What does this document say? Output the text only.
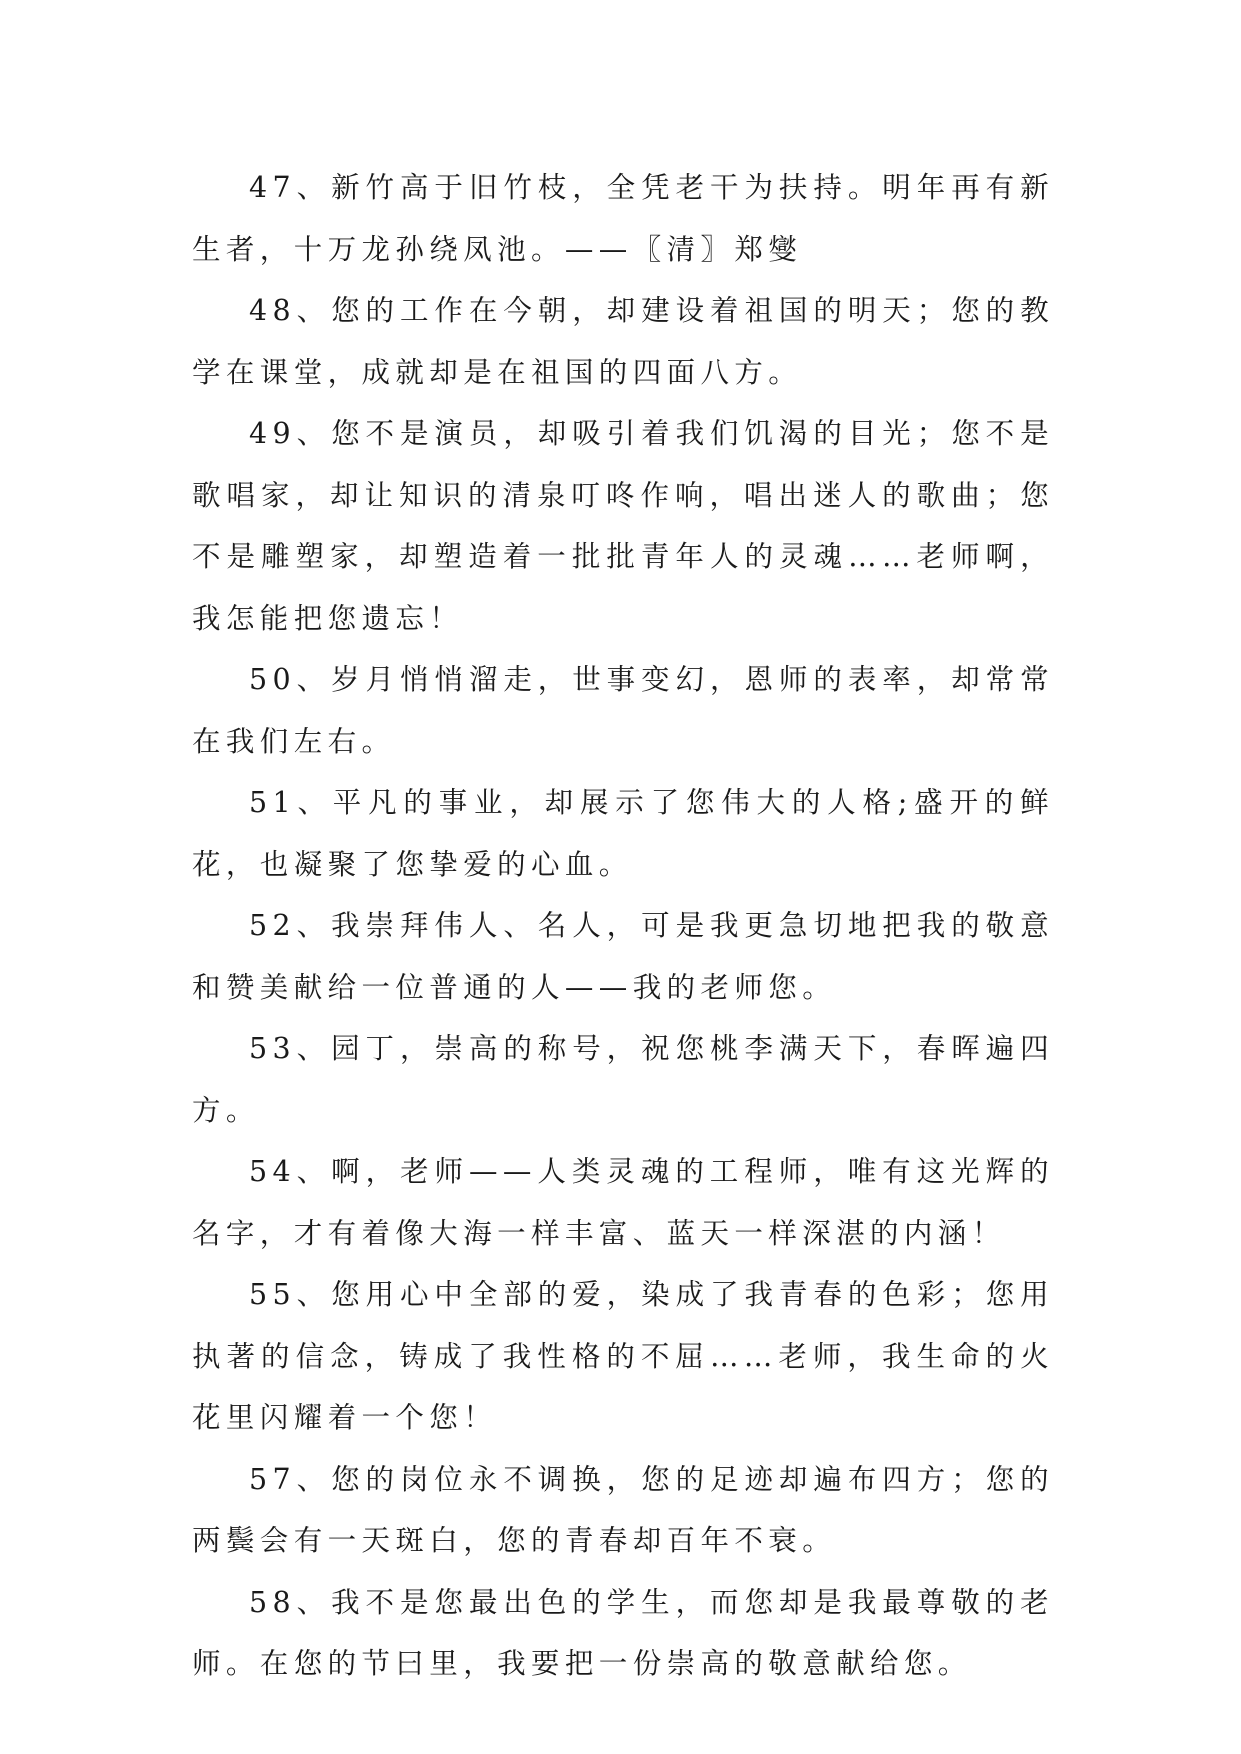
47、新竹高于旧竹枝，全凭老干为扶持。明年再有新生者，十万龙孙绕凤池。——〖清〗郑燮

48、您的工作在今朝，却建设着祖国的明天；您的教学在课堂，成就却是在祖国的四面八方。

49、您不是演员，却吸引着我们饥渴的目光；您不是歌唱家，却让知识的清泉叮咚作响，唱出迷人的歌曲；您不是雕塑家，却塑造着一批批青年人的灵魂……老师啊，我怎能把您遗忘！

50、岁月悄悄溜走，世事变幻，恩师的表率，却常常在我们左右。

51、平凡的事业，却展示了您伟大的人格;盛开的鲜花，也凝聚了您挚爱的心血。

52、我崇拜伟人、名人，可是我更急切地把我的敬意和赞美献给一位普通的人——我的老师您。

53、园丁，崇高的称号，祝您桃李满天下，春晖遍四方。

54、啊，老师——人类灵魂的工程师，唯有这光辉的名字，才有着像大海一样丰富、蓝天一样深湛的内涵！

55、您用心中全部的爱，染成了我青春的色彩；您用执著的信念，铸成了我性格的不屈……老师，我生命的火花里闪耀着一个您！

57、您的岗位永不调换，您的足迹却遍布四方；您的两鬓会有一天斑白，您的青春却百年不衰。

58、我不是您最出色的学生，而您却是我最尊敬的老师。在您的节曰里，我要把一份崇高的敬意献给您。
